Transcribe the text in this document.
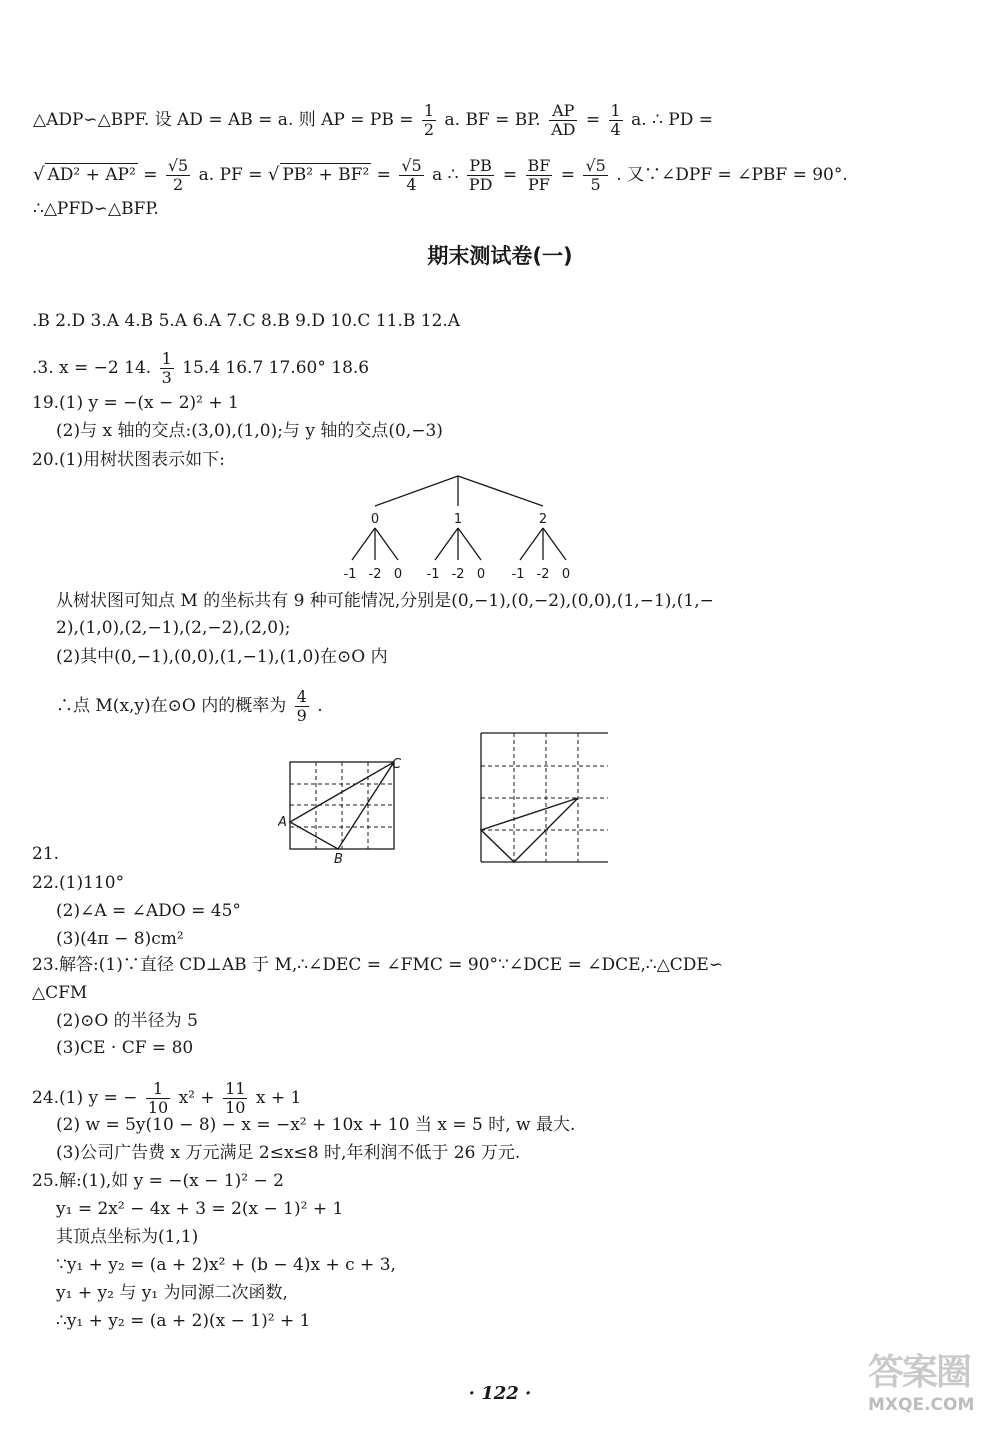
△ADP∽△BPF. 设 AD = AB = a. 则 AP = PB = $\frac{1}{2} a$. BF = BP. $\frac{AP}{AD} = \frac{1}{4} a$. ∴ PD =
√ $AD^2 + AP^2 = \frac{√5}{2} a$. PF = √ $PB^2 + BF^2 = \frac{√5}{4}$ a ∴ $\frac{PB}{PD} = \frac{BF}{PF} = \frac{√5}{5}$ . 又∵∠DPF = ∠PBF = 90°.
∴△PFD∽△BFP.
期末测试卷(一)
.B 2.D 3.A 4.B 5.A 6.A 7.C 8.B 9.D 10.C 11.B 12.A
.3. x = −2 14. $\frac{1}{3} 15.4$ 16.7 17.60° 18.6
19.(1) y = −(x − 2)² + 1
(2)与 x 轴的交点:(3,0),(1,0);与 y 轴的交点(0,−3)
20.(1)用树状图表示如下:
0	1	2
-1 -2 0 -1 -2 0 -1 -2 0
从树状图可知点 M 的坐标共有 9 种可能情况,分别是(0,−1),(0,−2),(0,0),(1,−1),(1,−
2),(1,0),(2,−1),(2,−2),(2,0);
(2)其中(0,−1),(0,0),(1,−1),(1,0)在⊙O 内
∴点 M(x,y)在⊙O 内的概率为 $\frac{4}{9}$ .
C
A
B
21.
22.(1)110°
(2)∠A = ∠ADO = 45°
(3)(4π − 8)cm²
23.解答:(1)∵直径 CD⊥AB 于 M,∴∠DEC = ∠FMC = 90°∵∠DCE = ∠DCE,∴△CDE∽
△CFM
(2)⊙O 的半径为 5
(3)CE · CF = 80
24.(1) y = − $\frac{1}{10} x^2 + \frac{11}{10}$ x + 1
(2) w = 5y(10 − 8) − x = −x² + 10x + 10 当 x = 5 时, w 最大.
(3)公司广告费 x 万元满足 2≤x≤8 时,年利润不低于 26 万元.
25.解:(1),如 y = −(x − 1)² − 2
y₁ = 2x² − 4x + 3 = 2(x − 1)² + 1
其顶点坐标为(1,1)
∵y₁ + y₂ = (a + 2)x² + (b − 4)x + c + 3,
y₁ + y₂ 与 y₁ 为同源二次函数,
∴y₁ + y₂ = (a + 2)(x − 1)² + 1
· 122 ·
答案圈
MXQE.COM
